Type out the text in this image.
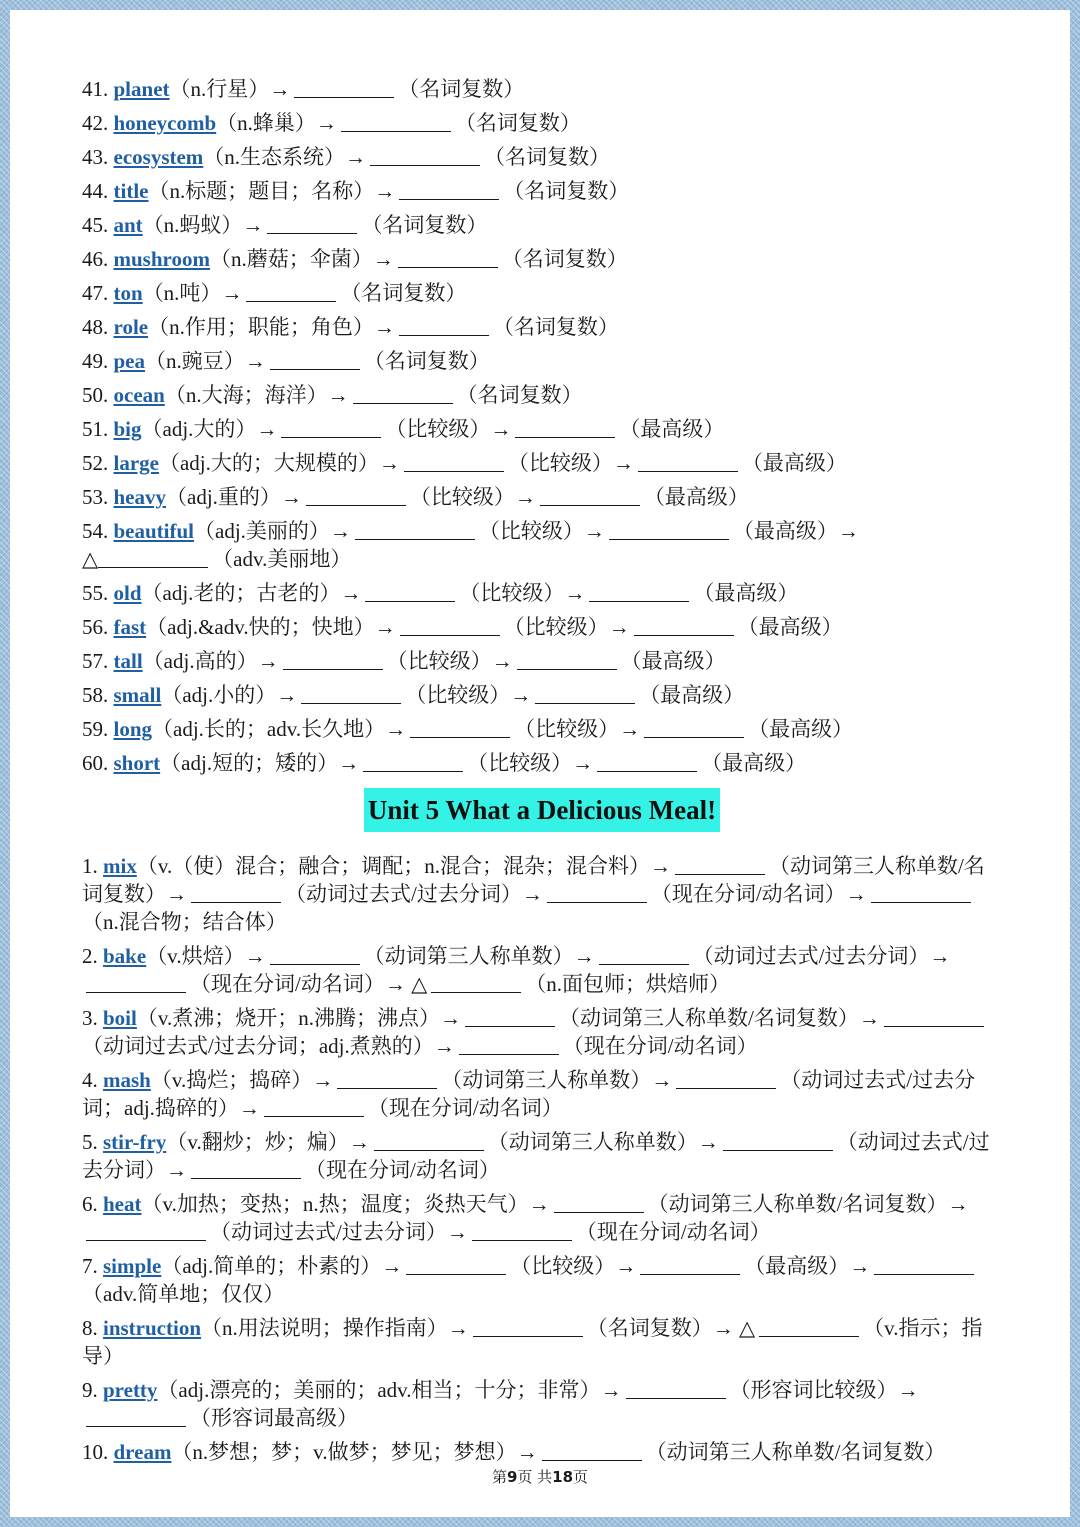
41. planet（n.行星）→	（名词复数）
42. honeycomb（n.蜂巢）→	（名词复数）
43. ecosystem（n.生态系统）→	（名词复数）
44. title（n.标题；题目；名称）→	（名词复数）
45. ant（n.蚂蚁）→	（名词复数）
46. mushroom（n.蘑菇；伞菌）→	（名词复数）
47. ton（n.吨）→	（名词复数）
48. role（n.作用；职能；角色）→	（名词复数）
49. pea（n.豌豆）→	（名词复数）
50. ocean（n.大海；海洋）→	（名词复数）
51. big（adj.大的）→	（比较级）→	（最高级）
52. large（adj.大的；大规模的）→	（比较级）→	（最高级）
53. heavy（adj.重的）→	（比较级）→	（最高级）
54. beautiful（adj.美丽的）→	（比较级）→	（最高级）→
△	（adv.美丽地）
55. old（adj.老的；古老的）→	（比较级）→	（最高级）
56. fast（adj.&adv.快的；快地）→	（比较级）→	（最高级）
57. tall（adj.高的）→	（比较级）→	（最高级）
58. small（adj.小的）→	（比较级）→	（最高级）
59. long（adj.长的；adv.长久地）→	（比较级）→	（最高级）
60. short（adj.短的；矮的）→	（比较级）→	（最高级）
Unit 5 What a Delicious Meal!
1. mix（v.（使）混合；融合；调配；n.混合；混杂；混合料）→	（动词第三人称单数/名词复数）→	（动词过去式/过去分词）→	（现在分词/动名词）→（n.混合物；结合体）
2. bake（v.烘焙）→	（动词第三人称单数）→	（动词过去式/过去分词）→（现在分词/动名词）→ △	（n.面包师；烘焙师）
3. boil（v.煮沸；烧开；n.沸腾；沸点）→	（动词第三人称单数/名词复数）→（动词过去式/过去分词；adj.煮熟的）→	（现在分词/动名词）
4. mash（v.捣烂；捣碎）→	（动词第三人称单数）→	（动词过去式/过去分词；adj.捣碎的）→	（现在分词/动名词）
5. stir-fry（v.翻炒；炒；煸）→	（动词第三人称单数）→	（动词过去式/过去分词）→	（现在分词/动名词）
6. heat（v.加热；变热；n.热；温度；炎热天气）→	（动词第三人称单数/名词复数）→（动词过去式/过去分词）→	（现在分词/动名词）
7. simple（adj.简单的；朴素的）→	（比较级）→	（最高级）→（adv.简单地；仅仅）
8. instruction（n.用法说明；操作指南）→	（名词复数）→ △	（v.指示；指导）
9. pretty（adj.漂亮的；美丽的；adv.相当；十分；非常）→	（形容词比较级）→（形容词最高级）
10. dream（n.梦想；梦；v.做梦；梦见；梦想）→	（动词第三人称单数/名词复数）
第9页 共18页
